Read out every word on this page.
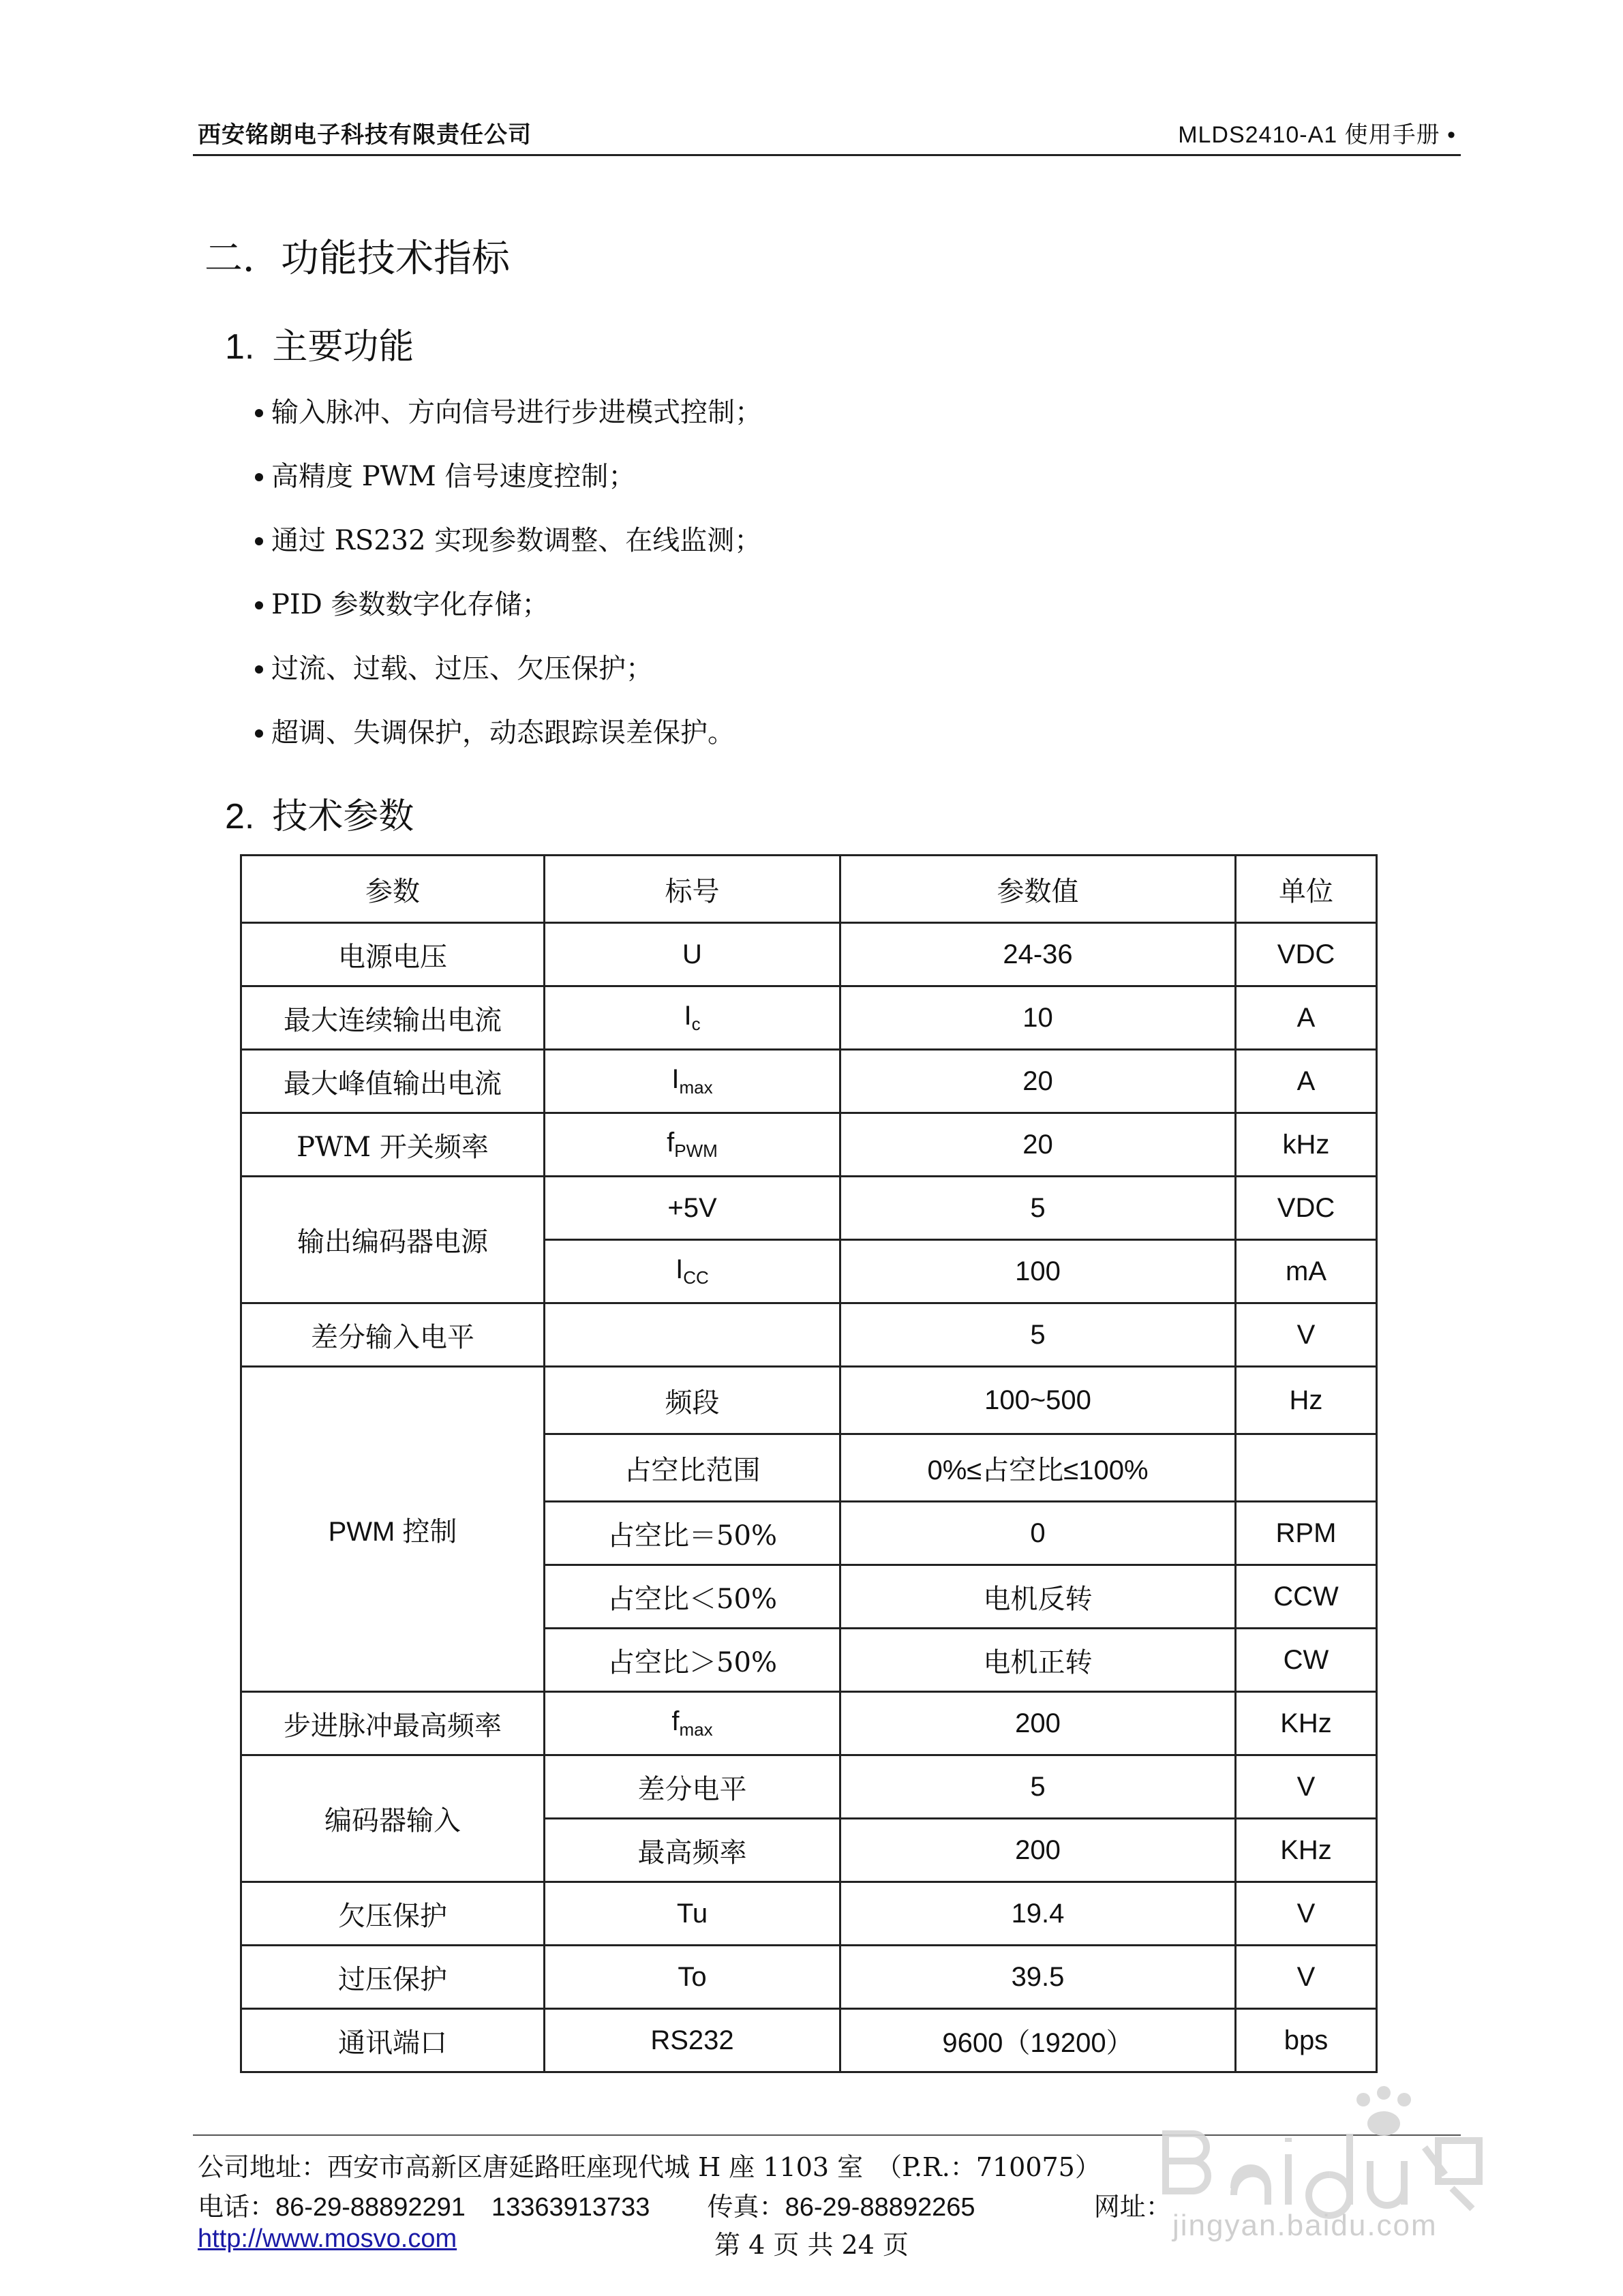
西安铭朗电子科技有限责任公司	MLDS2410-A1 使用手册 •
二．功能技术指标
1. 主要功能
输入脉冲、方向信号进行步进模式控制；
高精度 PWM 信号速度控制；
通过 RS232 实现参数调整、在线监测；
PID 参数数字化存储；
过流、过载、过压、欠压保护；
超调、失调保护，动态跟踪误差保护。
2. 技术参数
参数	标号	参数值	单位
电源电压	U	24-36	VDC
最大连续输出电流	$I_c$	10	A
最大峰值输出电流	$I_{max}$	20	A
PWM 开关频率	$f_{PWM}$	20	kHz
输出编码器电源	+5V	5	VDC
	$I_{CC}$	100	mA
差分输入电平		5	V
PWM 控制	频段	100~500	Hz
	占空比范围	0%≤占空比≤100%	
	占空比＝50%	0	RPM
	占空比＜50%	电机反转	CCW
	占空比＞50%	电机正转	CW
步进脉冲最高频率	$f_{max}$	200	KHz
编码器输入	差分电平	5	V
	最高频率	200	KHz
欠压保护	Tu	19.4	V
过压保护	To	39.5	V
通讯端口	RS232	9600（19200）	bps
公司地址：西安市高新区唐延路旺座现代城 H 座 1103 室　（P.R.：710075）
电话：86-29-88892291　13363913733 传真：86-29-88892265	网址：http://www.mosvo.com	第 4 页 共 24 页
jingyan.baidu.com
